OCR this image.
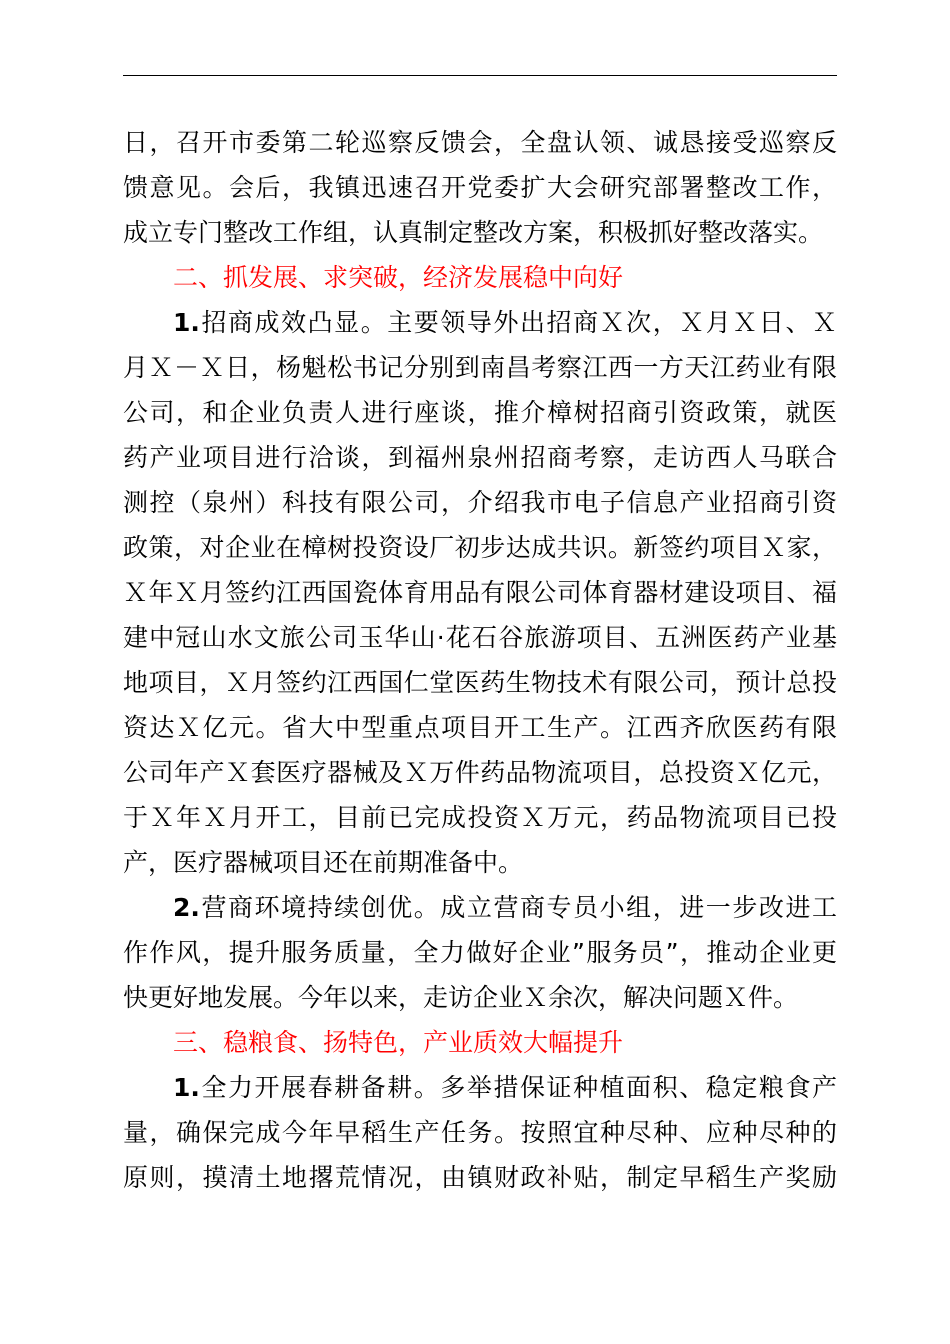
日，召开市委第二轮巡察反馈会，全盘认领、诚恳接受巡察反
馈意见。会后，我镇迅速召开党委扩大会研究部署整改工作，
成立专门整改工作组，认真制定整改方案，积极抓好整改落实。
二、抓发展、求突破，经济发展稳中向好
1.招商成效凸显。主要领导外出招商Ｘ次，Ｘ月Ｘ日、Ｘ
月Ｘ－Ｘ日，杨魁松书记分别到南昌考察江西一方天江药业有限
公司，和企业负责人进行座谈，推介樟树招商引资政策，就医
药产业项目进行洽谈，到福州泉州招商考察，走访西人马联合
测控（泉州）科技有限公司，介绍我市电子信息产业招商引资
政策，对企业在樟树投资设厂初步达成共识。新签约项目Ｘ家，
Ｘ年Ｘ月签约江西国瓷体育用品有限公司体育器材建设项目、福
建中冠山水文旅公司玉华山·花石谷旅游项目、五洲医药产业基
地项目，Ｘ月签约江西国仁堂医药生物技术有限公司，预计总投
资达Ｘ亿元。省大中型重点项目开工生产。江西齐欣医药有限
公司年产Ｘ套医疗器械及Ｘ万件药品物流项目，总投资Ｘ亿元，
于Ｘ年Ｘ月开工，目前已完成投资Ｘ万元，药品物流项目已投
产，医疗器械项目还在前期准备中。
2.营商环境持续创优。成立营商专员小组，进一步改进工
作作风，提升服务质量，全力做好企业”服务员”，推动企业更
快更好地发展。今年以来，走访企业Ｘ余次，解决问题Ｘ件。
三、稳粮食、扬特色，产业质效大幅提升
1.全力开展春耕备耕。多举措保证种植面积、稳定粮食产
量，确保完成今年早稻生产任务。按照宜种尽种、应种尽种的
原则，摸清土地撂荒情况，由镇财政补贴，制定早稻生产奖励
